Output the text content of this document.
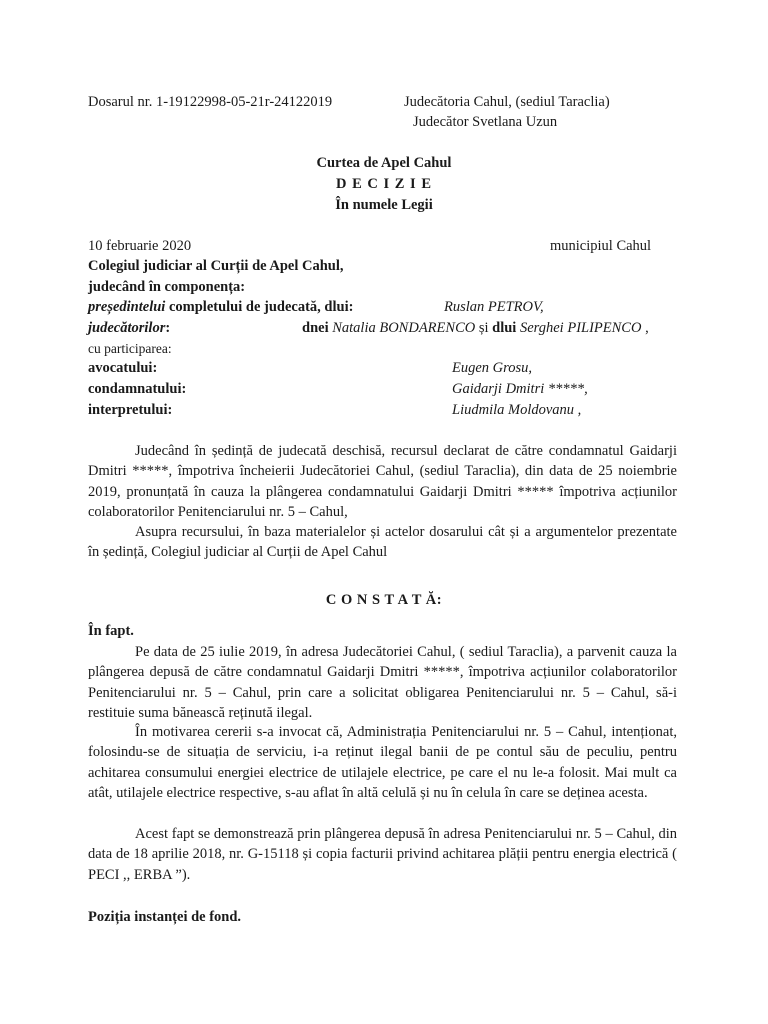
Dosarul nr. 1-19122998-05-21r-24122019	Judecătoria Cahul, (sediul Taraclia)
Judecător Svetlana Uzun
Curtea de Apel Cahul
D E C I Z I E
În numele Legii
10 februarie 2020	municipiul Cahul
Colegiul judiciar al Curții de Apel Cahul,
judecând în componența:
președintelui completului de judecată, dlui:	Ruslan PETROV,
judecătorilor:	dnei Natalia BONDARENCO și dlui Serghei PILIPENCO ,
cu participarea:
avocatului:	Eugen Grosu,
condamnatului:	Gaidarji Dmitri *****,
interpretului:	Liudmila Moldovanu ,

Judecând în ședință de judecată deschisă, recursul declarat de către condamnatul Gaidarji Dmitri *****, împotriva încheierii Judecătoriei Cahul, (sediul Taraclia), din data de 25 noiembrie 2019, pronunțată în cauza la plângerea condamnatului Gaidarji Dmitri ***** împotriva acțiunilor colaboratorilor Penitenciarului nr. 5 – Cahul,

Asupra recursului, în baza materialelor și actelor dosarului cât și a argumentelor prezentate în ședință, Colegiul judiciar al Curții de Apel Cahul

C O N S T A T Ă:
În fapt.

Pe data de 25 iulie 2019, în adresa Judecătoriei Cahul, ( sediul Taraclia), a parvenit cauza la plângerea depusă de către condamnatul Gaidarji Dmitri *****, împotriva acțiunilor colaboratorilor Penitenciarului nr. 5 – Cahul, prin care a solicitat obligarea Penitenciarului nr. 5 – Cahul, să-i restituie suma bănească reținută ilegal.

În motivarea cererii s-a invocat că, Administrația Penitenciarului nr. 5 – Cahul, intenționat, folosindu-se de situația de serviciu, i-a reținut ilegal banii de pe contul său de peculiu, pentru achitarea consumului energiei electrice de utilajele electrice, pe care el nu le-a folosit. Mai mult ca atât, utilajele electrice respective, s-au aflat în altă celulă și nu în celula în care se deținea acesta.

Acest fapt se demonstrează prin plângerea depusă în adresa Penitenciarului nr. 5 – Cahul, din data de 18 aprilie 2018, nr. G-15118 și copia facturii privind achitarea plății pentru energia electrică ( PECI ,, ERBA ”).

Poziția instanței de fond.
